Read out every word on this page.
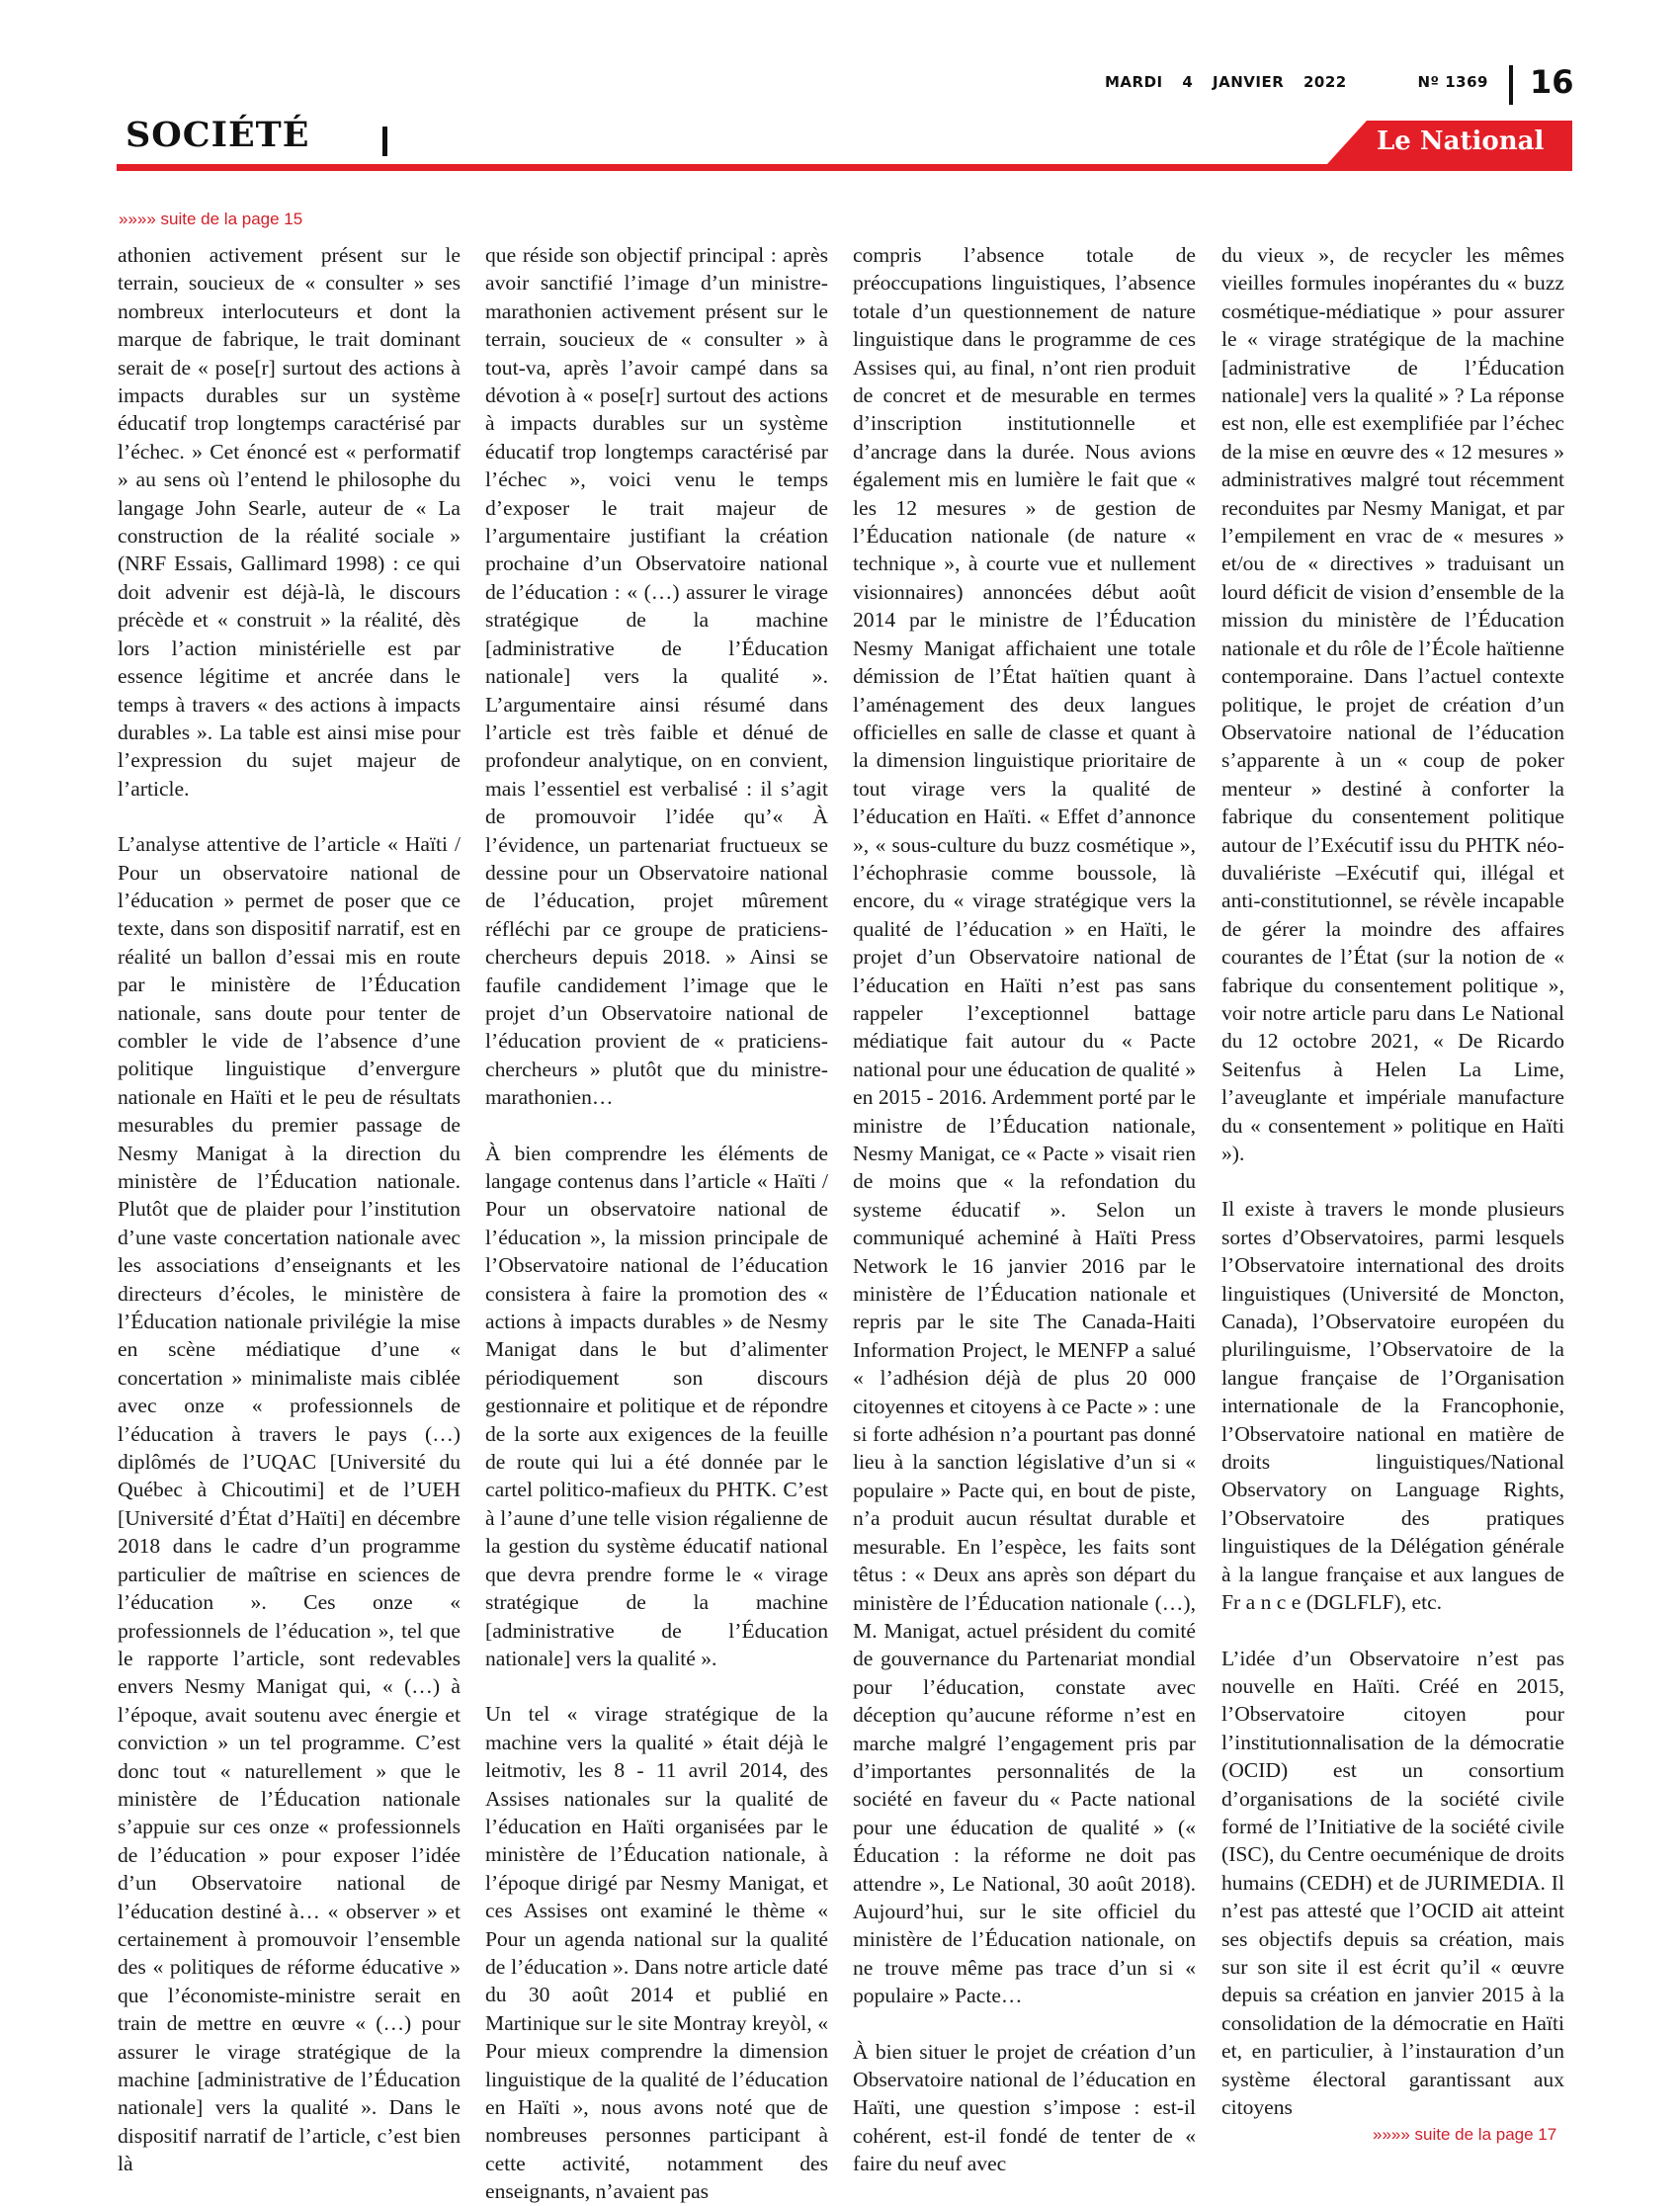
MARDI 4 JANVIER 2022	Nº 1369	16
SOCIÉTÉ	Le National
»»»» suite de la page 15

athonien activement présent sur le terrain, soucieux de « consulter » ses nombreux interlocuteurs et dont la marque de fabrique, le trait dominant serait de « pose[r] surtout des actions à impacts durables sur un système éducatif trop longtemps caractérisé par l’échec. » Cet énoncé est « performatif » au sens où l’entend le philosophe du langage John Searle, auteur de « La construction de la réalité sociale » (NRF Essais, Gallimard 1998) : ce qui doit advenir est déjà-là, le discours précède et « construit » la réalité, dès lors l’action ministérielle est par essence légitime et ancrée dans le temps à travers « des actions à impacts durables ». La table est ainsi mise pour l’expression du sujet majeur de l’article.

L’analyse attentive de l’article « Haïti / Pour un observatoire national de l’éducation » permet de poser que ce texte, dans son dispositif narratif, est en réalité un ballon d’essai mis en route par le ministère de l’Éducation nationale, sans doute pour tenter de combler le vide de l’absence d’une politique linguistique d’envergure nationale en Haïti et le peu de résultats mesurables du premier passage de Nesmy Manigat à la direction du ministère de l’Éducation nationale. Plutôt que de plaider pour l’institution d’une vaste concertation nationale avec les associations d’enseignants et les directeurs d’écoles, le ministère de l’Éducation nationale privilégie la mise en scène médiatique d’une « concertation » minimaliste mais ciblée avec onze « professionnels de l’éducation à travers le pays (…) diplômés de l’UQAC [Université du Québec à Chicoutimi] et de l’UEH [Université d’État d’Haïti] en décembre 2018 dans le cadre d’un programme particulier de maîtrise en sciences de l’éducation ». Ces onze « professionnels de l’éducation », tel que le rapporte l’article, sont redevables envers Nesmy Manigat qui, « (…) à l’époque, avait soutenu avec énergie et conviction » un tel programme. C’est donc tout « naturellement » que le ministère de l’Éducation nationale s’appuie sur ces onze « professionnels de l’éducation » pour exposer l’idée d’un Observatoire national de l’éducation destiné à… « observer » et certainement à promouvoir l’ensemble des « politiques de réforme éducative » que l’économiste-ministre serait en train de mettre en œuvre « (…) pour assurer le virage stratégique de la machine [administrative de l’Éducation nationale] vers la qualité ». Dans le dispositif narratif de l’article, c’est bien là

que réside son objectif principal : après avoir sanctifié l’image d’un ministre-marathonien activement présent sur le terrain, soucieux de « consulter » à tout-va, après l’avoir campé dans sa dévotion à « pose[r] surtout des actions à impacts durables sur un système éducatif trop longtemps caractérisé par l’échec », voici venu le temps d’exposer le trait majeur de l’argumentaire justifiant la création prochaine d’un Observatoire national de l’éducation : « (…) assurer le virage stratégique de la machine [administrative de l’Éducation nationale] vers la qualité ». L’argumentaire ainsi résumé dans l’article est très faible et dénué de profondeur analytique, on en convient, mais l’essentiel est verbalisé : il s’agit de promouvoir l’idée qu’« À l’évidence, un partenariat fructueux se dessine pour un Observatoire national de l’éducation, projet mûrement réfléchi par ce groupe de praticiens-chercheurs depuis 2018. » Ainsi se faufile candidement l’image que le projet d’un Observatoire national de l’éducation provient de « praticiens-chercheurs » plutôt que du ministre-marathonien…

À bien comprendre les éléments de langage contenus dans l’article « Haïti / Pour un observatoire national de l’éducation », la mission principale de l’Observatoire national de l’éducation consistera à faire la promotion des « actions à impacts durables » de Nesmy Manigat dans le but d’alimenter périodiquement son discours gestionnaire et politique et de répondre de la sorte aux exigences de la feuille de route qui lui a été donnée par le cartel politico-mafieux du PHTK. C’est à l’aune d’une telle vision régalienne de la gestion du système éducatif national que devra prendre forme le « virage stratégique de la machine [administrative de l’Éducation nationale] vers la qualité ».

Un tel « virage stratégique de la machine vers la qualité » était déjà le leitmotiv, les 8 - 11 avril 2014, des Assises nationales sur la qualité de l’éducation en Haïti organisées par le ministère de l’Éducation nationale, à l’époque dirigé par Nesmy Manigat, et ces Assises ont examiné le thème « Pour un agenda national sur la qualité de l’éducation ». Dans notre article daté du 30 août 2014 et publié en Martinique sur le site Montray kreyòl, « Pour mieux comprendre la dimension linguistique de la qualité de l’éducation en Haïti », nous avons noté que de nombreuses personnes participant à cette activité, notamment des enseignants, n’avaient pas

compris l’absence totale de préoccupations linguistiques, l’absence totale d’un questionnement de nature linguistique dans le programme de ces Assises qui, au final, n’ont rien produit de concret et de mesurable en termes d’inscription institutionnelle et d’ancrage dans la durée. Nous avions également mis en lumière le fait que « les 12 mesures » de gestion de l’Éducation nationale (de nature « technique », à courte vue et nullement visionnaires) annoncées début août 2014 par le ministre de l’Éducation Nesmy Manigat affichaient une totale démission de l’État haïtien quant à l’aménagement des deux langues officielles en salle de classe et quant à la dimension linguistique prioritaire de tout virage vers la qualité de l’éducation en Haïti. « Effet d’annonce », « sous-culture du buzz cosmétique », l’échophrasie comme boussole, là encore, du « virage stratégique vers la qualité de l’éducation » en Haïti, le projet d’un Observatoire national de l’éducation en Haïti n’est pas sans rappeler l’exceptionnel battage médiatique fait autour du « Pacte national pour une éducation de qualité » en 2015 - 2016. Ardemment porté par le ministre de l’Éducation nationale, Nesmy Manigat, ce « Pacte » visait rien de moins que « la refondation du systeme éducatif ». Selon un communiqué acheminé à Haïti Press Network le 16 janvier 2016 par le ministère de l’Éducation nationale et repris par le site The Canada-Haiti Information Project, le MENFP a salué « l’adhésion déjà de plus 20 000 citoyennes et citoyens à ce Pacte » : une si forte adhésion n’a pourtant pas donné lieu à la sanction législative d’un si « populaire » Pacte qui, en bout de piste, n’a produit aucun résultat durable et mesurable. En l’espèce, les faits sont têtus : « Deux ans après son départ du ministère de l’Éducation nationale (…), M. Manigat, actuel président du comité de gouvernance du Partenariat mondial pour l’éducation, constate avec déception qu’aucune réforme n’est en marche malgré l’engagement pris par d’importantes personnalités de la société en faveur du « Pacte national pour une éducation de qualité » (« Éducation : la réforme ne doit pas attendre », Le National, 30 août 2018). Aujourd’hui, sur le site officiel du ministère de l’Éducation nationale, on ne trouve même pas trace d’un si « populaire » Pacte…

À bien situer le projet de création d’un Observatoire national de l’éducation en Haïti, une question s’impose : est-il cohérent, est-il fondé de tenter de « faire du neuf avec

du vieux », de recycler les mêmes vieilles formules inopérantes du « buzz cosmétique-médiatique » pour assurer le « virage stratégique de la machine [administrative de l’Éducation nationale] vers la qualité » ? La réponse est non, elle est exemplifiée par l’échec de la mise en œuvre des « 12 mesures » administratives malgré tout récemment reconduites par Nesmy Manigat, et par l’empilement en vrac de « mesures » et/ou de « directives » traduisant un lourd déficit de vision d’ensemble de la mission du ministère de l’Éducation nationale et du rôle de l’École haïtienne contemporaine. Dans l’actuel contexte politique, le projet de création d’un Observatoire national de l’éducation s’apparente à un « coup de poker menteur » destiné à conforter la fabrique du consentement politique autour de l’Exécutif issu du PHTK néo-duvaliériste –Exécutif qui, illégal et anti-constitutionnel, se révèle incapable de gérer la moindre des affaires courantes de l’État (sur la notion de « fabrique du consentement politique », voir notre article paru dans Le National du 12 octobre 2021, « De Ricardo Seitenfus à Helen La Lime, l’aveuglante et impériale manufacture du « consentement » politique en Haïti »).

Il existe à travers le monde plusieurs sortes d’Observatoires, parmi lesquels l’Observatoire international des droits linguistiques (Université de Moncton, Canada), l’Observatoire européen du plurilinguisme, l’Observatoire de la langue française de l’Organisation internationale de la Francophonie, l’Observatoire national en matière de droits linguistiques/National Observatory on Language Rights, l’Observatoire des pratiques linguistiques de la Délégation générale à la langue française et aux langues de Fr a n c e (DGLFLF), etc.

L’idée d’un Observatoire n’est pas nouvelle en Haïti. Créé en 2015, l’Observatoire citoyen pour l’institutionnalisation de la démocratie (OCID) est un consortium d’organisations de la société civile formé de l’Initiative de la société civile (ISC), du Centre oecuménique de droits humains (CEDH) et de JURIMEDIA. Il n’est pas attesté que l’OCID ait atteint ses objectifs depuis sa création, mais sur son site il est écrit qu’il « œuvre depuis sa création en janvier 2015 à la consolidation de la démocratie en Haïti et, en particulier, à l’instauration d’un système électoral garantissant aux citoyens

»»»» suite de la page 17
